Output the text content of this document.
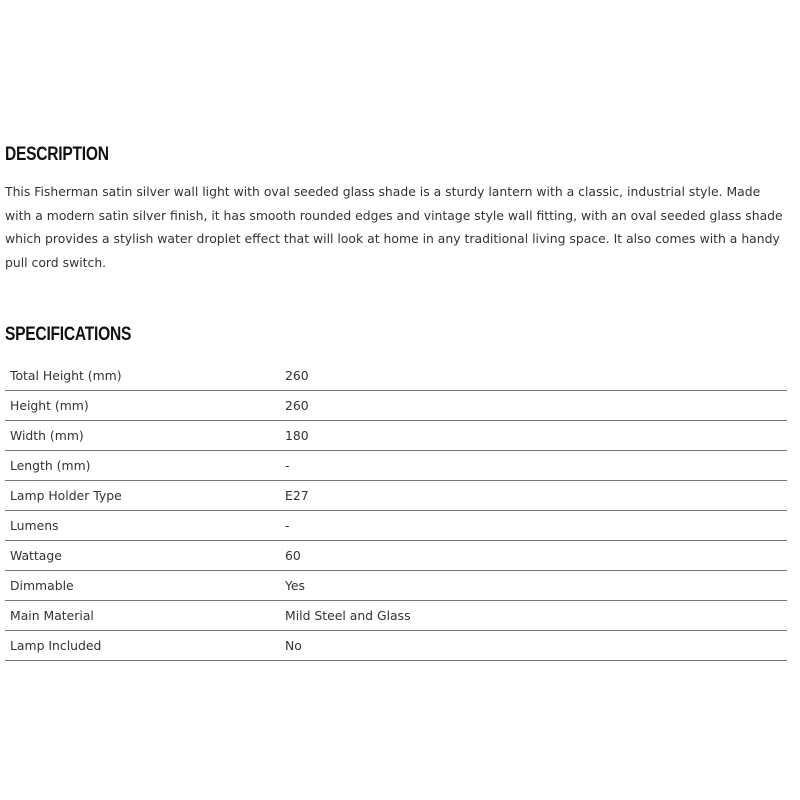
DESCRIPTION

This Fisherman satin silver wall light with oval seeded glass shade is a sturdy lantern with a classic, industrial style. Made with a modern satin silver finish, it has smooth rounded edges and vintage style wall fitting, with an oval seeded glass shade which provides a stylish water droplet effect that will look at home in any traditional living space. It also comes with a handy pull cord switch.

SPECIFICATIONS
Total Height (mm)	260
Height (mm)	260
Width (mm)	180
Length (mm)	-
Lamp Holder Type	E27
Lumens	-
Wattage	60
Dimmable	Yes
Main Material	Mild Steel and Glass
Lamp Included	No
